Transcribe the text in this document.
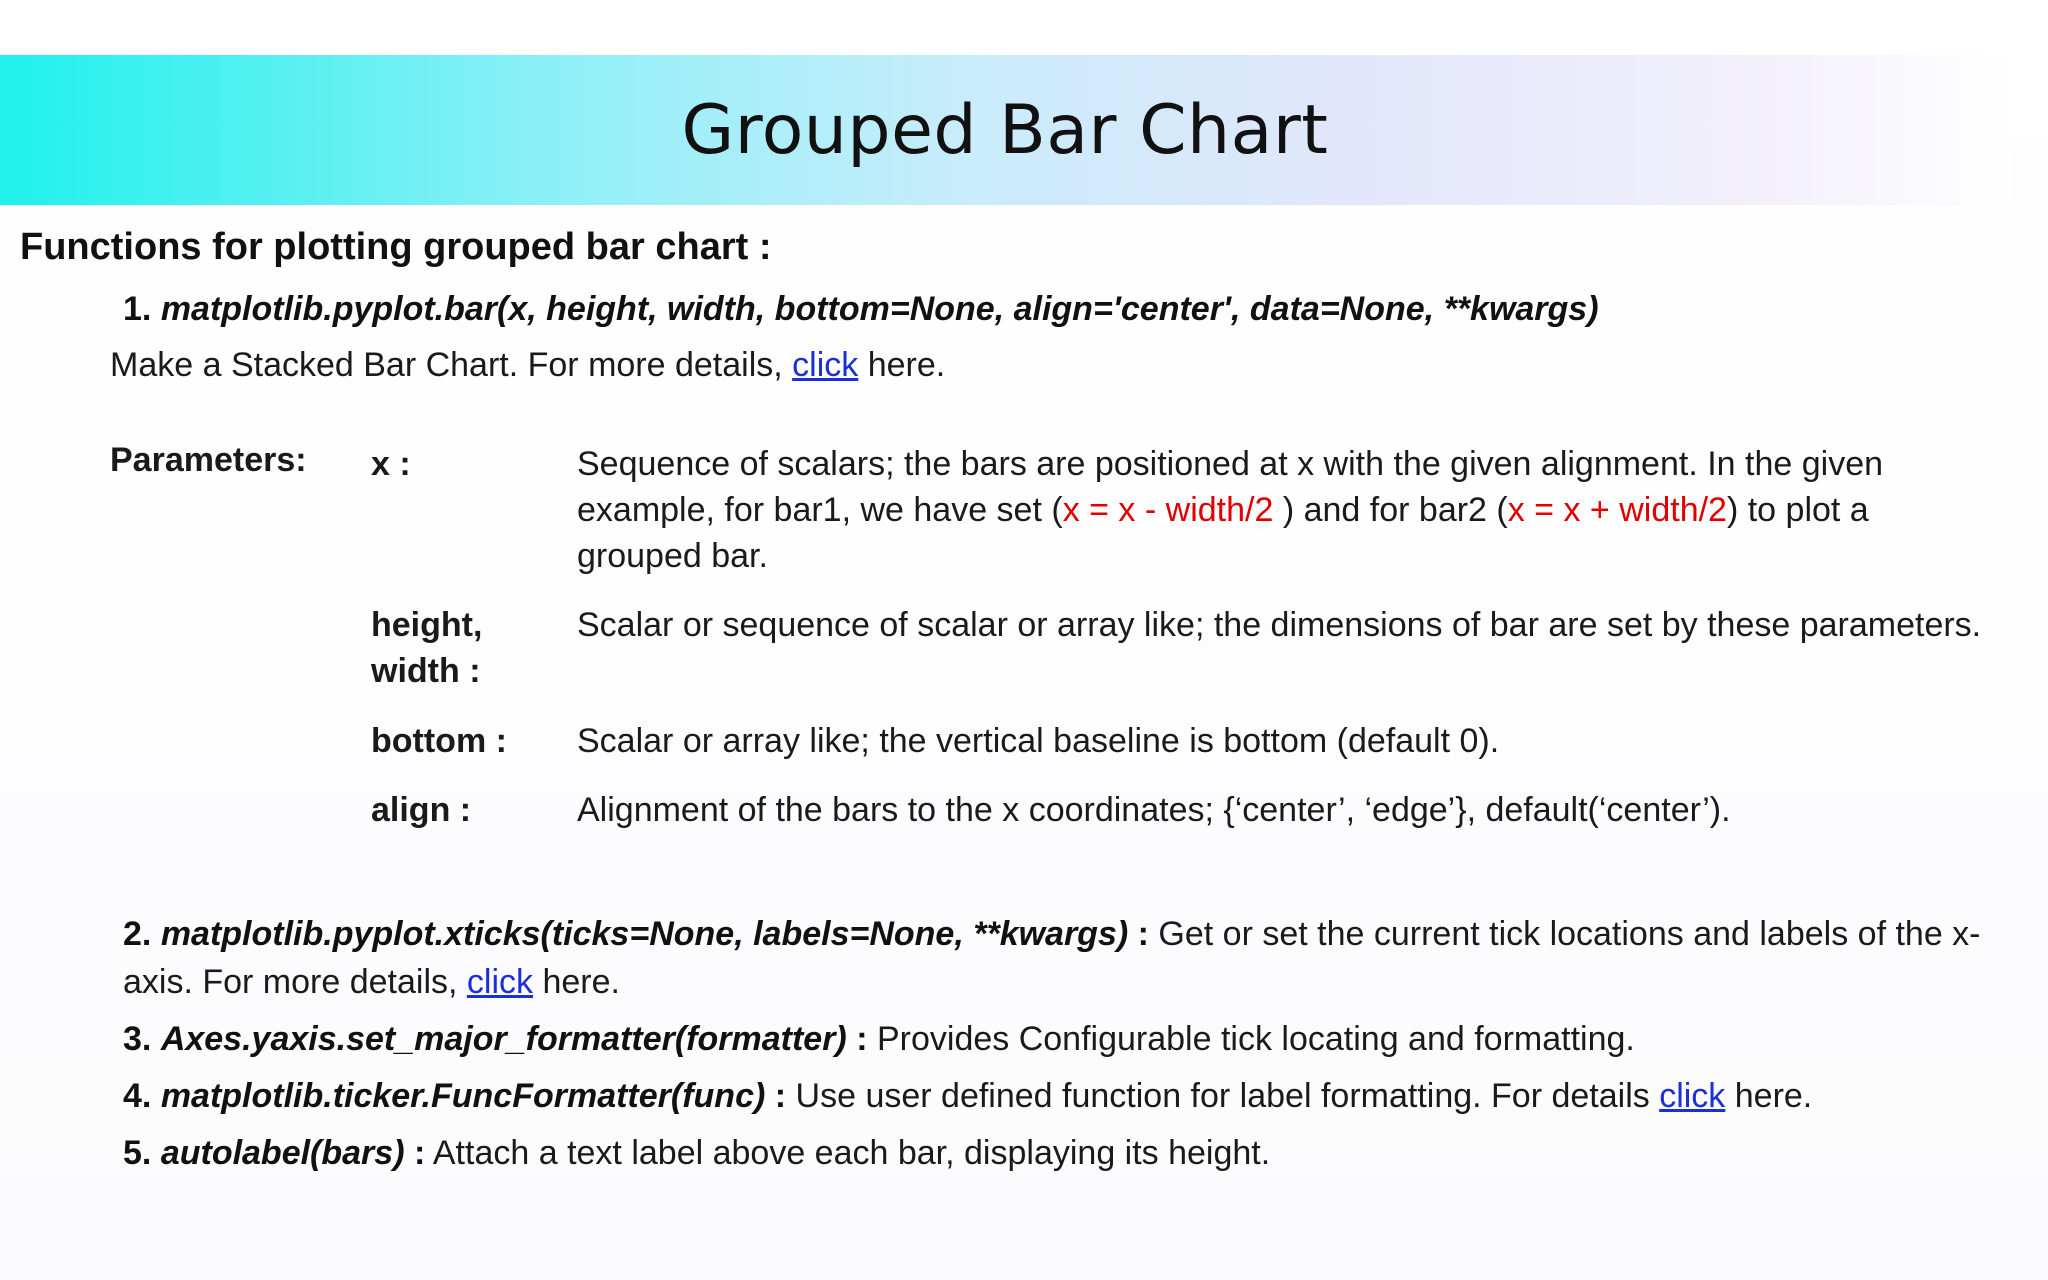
Grouped Bar Chart
Functions for plotting grouped bar chart :
1. matplotlib.pyplot.bar(x, height, width, bottom=None, align='center', data=None, **kwargs)
Make a Stacked Bar Chart. For more details, click here.
Parameters: x :	Sequence of scalars; the bars are positioned at x with the given alignment. In the given example, for bar1, we have set (x = x - width/2 ) and for bar2 (x = x + width/2) to plot a grouped bar.
height,
width :
Scalar or sequence of scalar or array like; the dimensions of bar are set by these parameters.
bottom : Scalar or array like; the vertical baseline is bottom (default 0).
align :	Alignment of the bars to the x coordinates; {‘center’, ‘edge’}, default(‘center’).
2. matplotlib.pyplot.xticks(ticks=None, labels=None, **kwargs) : Get or set the current tick locations and labels of the x-axis. For more details, click here.
3. Axes.yaxis.set_major_formatter(formatter) : Provides Configurable tick locating and formatting.
4. matplotlib.ticker.FuncFormatter(func) : Use user defined function for label formatting. For details click here.
5. autolabel(bars) : Attach a text label above each bar, displaying its height.
